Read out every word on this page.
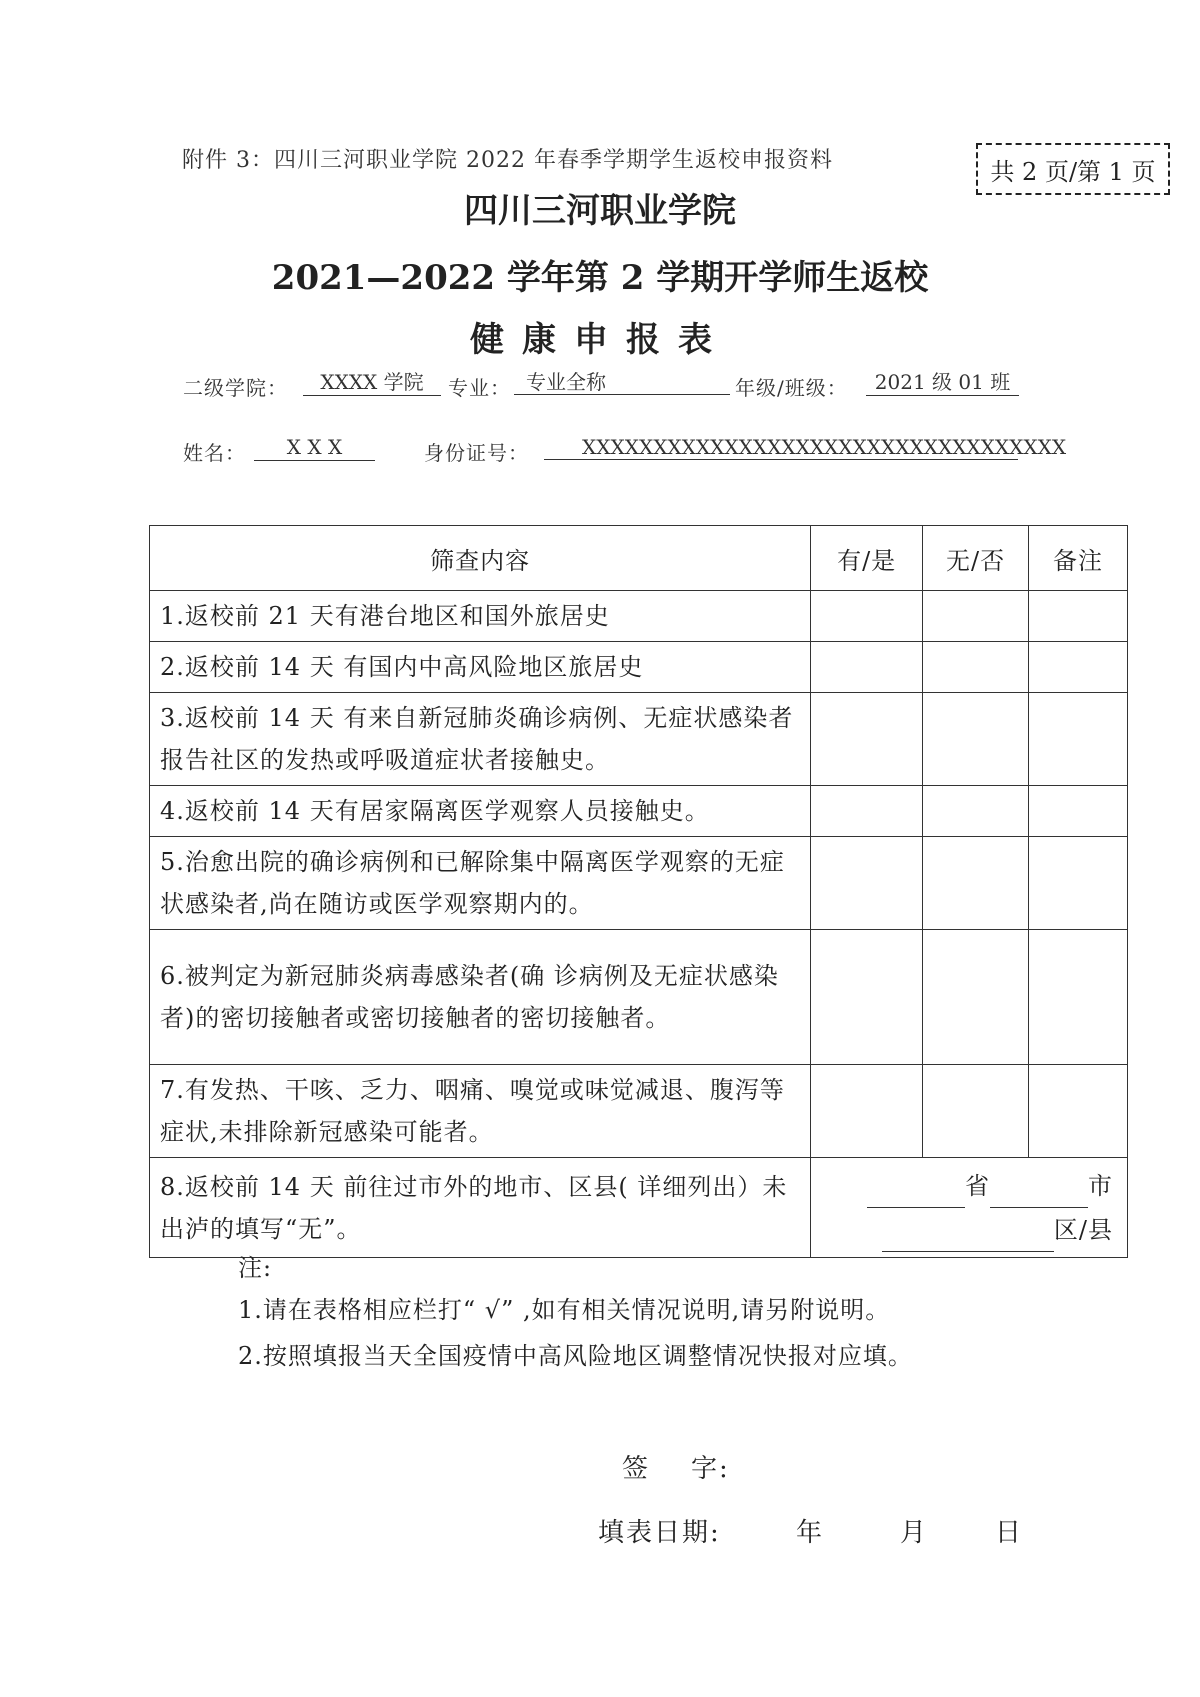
附件 3：四川三河职业学院 2022 年春季学期学生返校申报资料	共 2 页/第 1 页
四川三河职业学院
2021—2022 学年第 2 学期开学师生返校
健康申报表
二级学院：	XXXX 学院	专业： 专业全称	年级/班级：	2021 级 01 班
姓名：	X X X	身份证号：	XXXXXXXXXXXXXXXXXXXXXXXXXXXXXXXXXX
筛查内容	有/是	无/否	备注
1.返校前 21 天有港台地区和国外旅居史			
2.返校前 14 天 有国内中高风险地区旅居史			
3.返校前 14 天 有来自新冠肺炎确诊病例、无症状感染者报告社区的发热或呼吸道症状者接触史。			
4.返校前 14 天有居家隔离医学观察人员接触史。			
5.治愈出院的确诊病例和已解除集中隔离医学观察的无症状感染者,尚在随访或医学观察期内的。			
6.被判定为新冠肺炎病毒感染者(确 诊病例及无症状感染者)的密切接触者或密切接触者的密切接触者。			
7.有发热、干咳、乏力、咽痛、嗅觉或味觉减退、腹泻等症状,未排除新冠感染可能者。			
8.返校前 14 天 前往过市外的地市、区县( 详细列出）未出泸的填写“无”。	省 市
区/县		
注:
1.请在表格相应栏打“ √” ,如有相关情况说明,请另附说明。
2.按照填报当天全国疫情中高风险地区调整情况快报对应填。
签    字:
填表日期:	年	月	日
